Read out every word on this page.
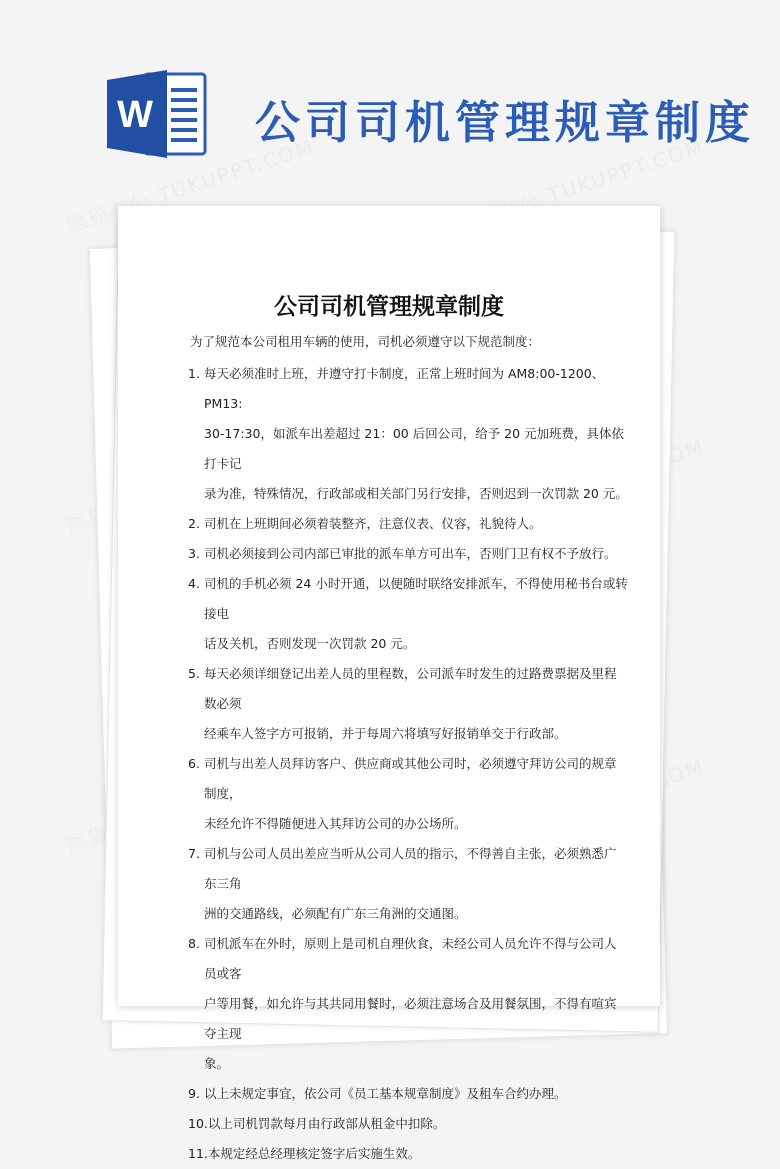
W 公司司机管理规章制度
公司司机管理规章制度
为了规范本公司租用车辆的使用，司机必须遵守以下规范制度：
1. 每天必须准时上班，并遵守打卡制度，正常上班时间为 AM8:00-1200、 PM13:
30-17:30，如派车出差超过 21：00 后回公司，给予 20 元加班费，具体依打卡记
录为准，特殊情况，行政部或相关部门另行安排，否则迟到一次罚款 20 元。
2. 司机在上班期间必须着装整齐，注意仪表、仪容，礼貌待人。
3. 司机必须接到公司内部已审批的派车单方可出车，否则门卫有权不予放行。
4. 司机的手机必须 24 小时开通，以便随时联络安排派车，不得使用秘书台或转接电
话及关机，否则发现一次罚款 20 元。
5. 每天必须详细登记出差人员的里程数，公司派车时发生的过路费票据及里程数必须
经乘车人签字方可报销，并于每周六将填写好报销单交于行政部。
6. 司机与出差人员拜访客户、供应商或其他公司时，必须遵守拜访公司的规章制度，
未经允许不得随便进入其拜访公司的办公场所。
7. 司机与公司人员出差应当听从公司人员的指示，不得善自主张，必须熟悉广东三角
洲的交通路线，必须配有广东三角洲的交通图。
8. 司机派车在外时，原则上是司机自理伙食，未经公司人员允许不得与公司人员或客
户等用餐，如允许与其共同用餐时，必须注意场合及用餐氛围，不得有喧宾夺主现
象。
9. 以上未规定事宜，依公司《员工基本规章制度》及租车合约办理。
10.以上司机罚款每月由行政部从租金中扣除。
11.本规定经总经理核定签字后实施生效。
